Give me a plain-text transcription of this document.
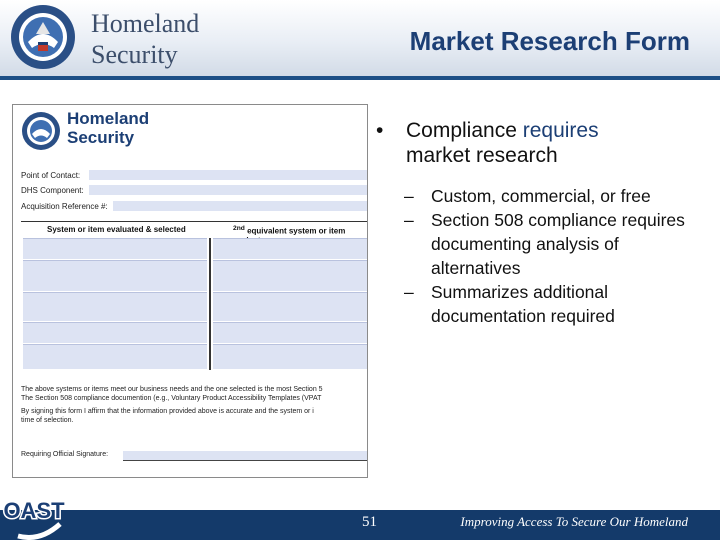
Homeland
Security	Market Research Form
Homeland
Security
Point of Contact:
DHS Component:
Acquisition Reference #:
System or item evaluated & selected	$^{2nd}$ equivalent system or item
The above systems or items meet our business needs and the one selected is the most Section 5
The Section 508 compliance documention (e.g., Voluntary Product Accessibility Templates (VPAT
By signing this form I affirm that the information provided above is accurate and the system or i
time of selection.
Requiring Official Signature:
• Compliance requires
market research
– Custom, commercial, or free
– Section 508 compliance requires documenting analysis of alternatives
– Summarizes additional documentation required
OAST	51	Improving Access To Secure Our Homeland
